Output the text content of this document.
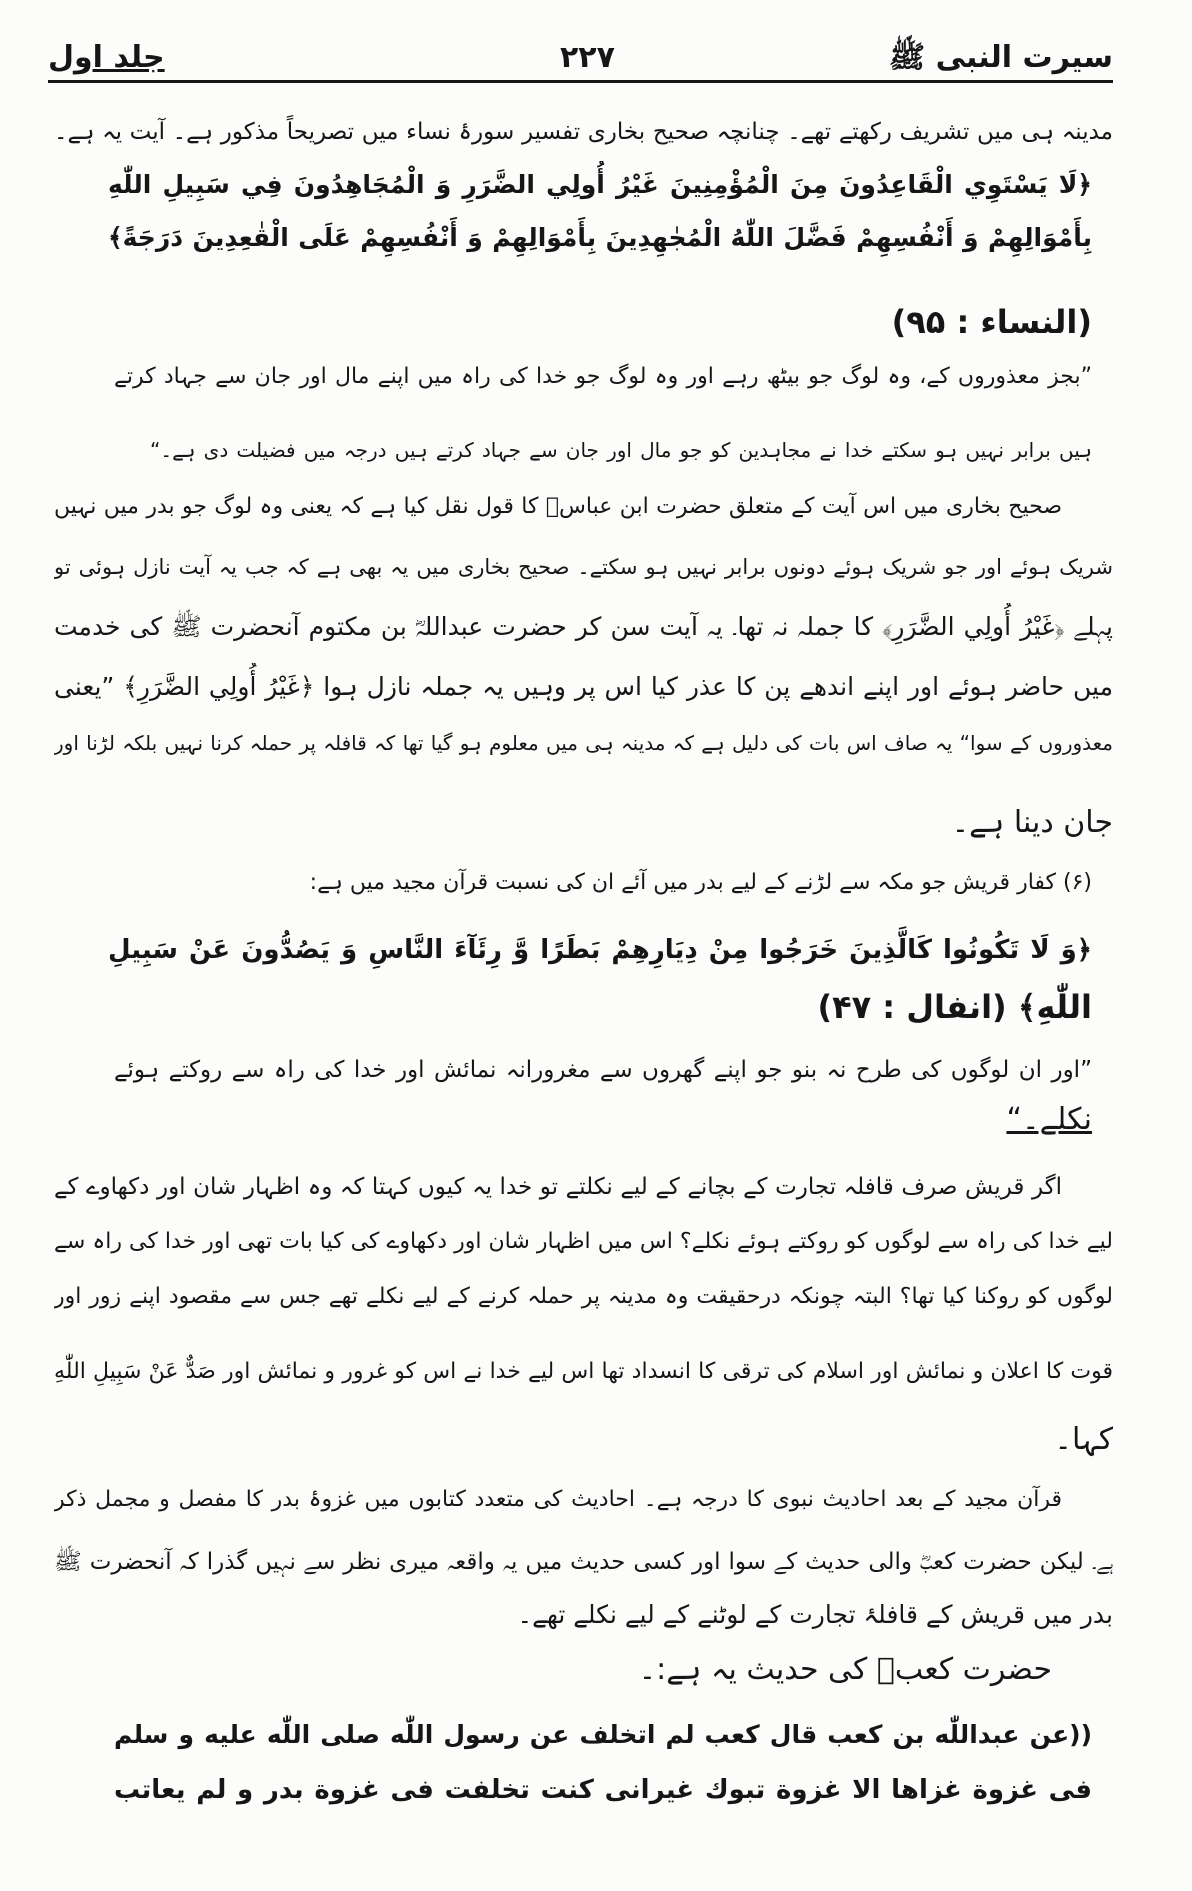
سیرت النبی ﷺ
۲۲۷
جلد اول
مدینہ ہی میں تشریف رکھتے تھے۔ چنانچہ صحیح بخاری تفسیر سورۂ نساء میں تصریحاً مذکور ہے۔ آیت یہ ہے۔
﴿لَا يَسْتَوِي الْقَاعِدُونَ مِنَ الْمُؤْمِنِينَ غَيْرُ أُولِي الضَّرَرِ وَ الْمُجَاهِدُونَ فِي سَبِيلِ اللّٰهِ
بِأَمْوَالِهِمْ وَ أَنْفُسِهِمْ فَضَّلَ اللّٰهُ الْمُجٰهِدِينَ بِأَمْوَالِهِمْ وَ أَنْفُسِهِمْ عَلَى الْقٰعِدِينَ دَرَجَةً﴾
(النساء : ۹۵)
”بجز معذوروں کے، وہ لوگ جو بیٹھ رہے اور وہ لوگ جو خدا کی راہ میں اپنے مال اور جان سے جہاد کرتے
ہیں برابر نہیں ہو سکتے خدا نے مجاہدین کو جو مال اور جان سے جہاد کرتے ہیں درجہ میں فضیلت دی ہے۔“
صحیح بخاری میں اس آیت کے متعلق حضرت ابن عباسؓ کا قول نقل کیا ہے کہ یعنی وہ لوگ جو بدر میں نہیں
شریک ہوئے اور جو شریک ہوئے دونوں برابر نہیں ہو سکتے۔ صحیح بخاری میں یہ بھی ہے کہ جب یہ آیت نازل ہوئی تو
پہلے ﴿غَيْرُ أُولِي الضَّرَرِ﴾ کا جملہ نہ تھا۔ یہ آیت سن کر حضرت عبداللہؓ بن مکتوم آنحضرت ﷺ کی خدمت
میں حاضر ہوئے اور اپنے اندھے پن کا عذر کیا اس پر وہیں یہ جملہ نازل ہوا ﴿غَيْرُ أُولِي الضَّرَرِ﴾ ”یعنی
معذوروں کے سوا“ یہ صاف اس بات کی دلیل ہے کہ مدینہ ہی میں معلوم ہو گیا تھا کہ قافلہ پر حملہ کرنا نہیں بلکہ لڑنا اور
جان دینا ہے۔
(۶) کفار قریش جو مکہ سے لڑنے کے لیے بدر میں آئے ان کی نسبت قرآن مجید میں ہے:
﴿وَ لَا تَكُونُوا كَالَّذِينَ خَرَجُوا مِنْ دِيَارِهِمْ بَطَرًا وَّ رِئَآءَ النَّاسِ وَ يَصُدُّونَ عَنْ سَبِيلِ
اللّٰهِ﴾ (انفال : ۴۷)
”اور ان لوگوں کی طرح نہ بنو جو اپنے گھروں سے مغرورانہ نمائش اور خدا کی راہ سے روکتے ہوئے
نکلے۔“
اگر قریش صرف قافلہ تجارت کے بچانے کے لیے نکلتے تو خدا یہ کیوں کہتا کہ وہ اظہار شان اور دکھاوے کے
لیے خدا کی راہ سے لوگوں کو روکتے ہوئے نکلے؟ اس میں اظہار شان اور دکھاوے کی کیا بات تھی اور خدا کی راہ سے
لوگوں کو روکنا کیا تھا؟ البتہ چونکہ درحقیقت وہ مدینہ پر حملہ کرنے کے لیے نکلے تھے جس سے مقصود اپنے زور اور
قوت کا اعلان و نمائش اور اسلام کی ترقی کا انسداد تھا اس لیے خدا نے اس کو غرور و نمائش اور صَدٌّ عَنْ سَبِيلِ اللّٰهِ
کہا۔
قرآن مجید کے بعد احادیث نبوی کا درجہ ہے۔ احادیث کی متعدد کتابوں میں غزوۂ بدر کا مفصل و مجمل ذکر
ہے۔ لیکن حضرت کعبؓ والی حدیث کے سوا اور کسی حدیث میں یہ واقعہ میری نظر سے نہیں گذرا کہ آنحضرت ﷺ
بدر میں قریش کے قافلۂ تجارت کے لوٹنے کے لیے نکلے تھے۔
حضرت کعبؓ کی حدیث یہ ہے:۔
((عن عبداللّٰه بن كعب قال كعب لم اتخلف عن رسول اللّٰه صلى اللّٰه عليه و سلم
فى غزوة غزاها الا غزوة تبوك غيرانى كنت تخلفت فى غزوة بدر و لم يعاتب
